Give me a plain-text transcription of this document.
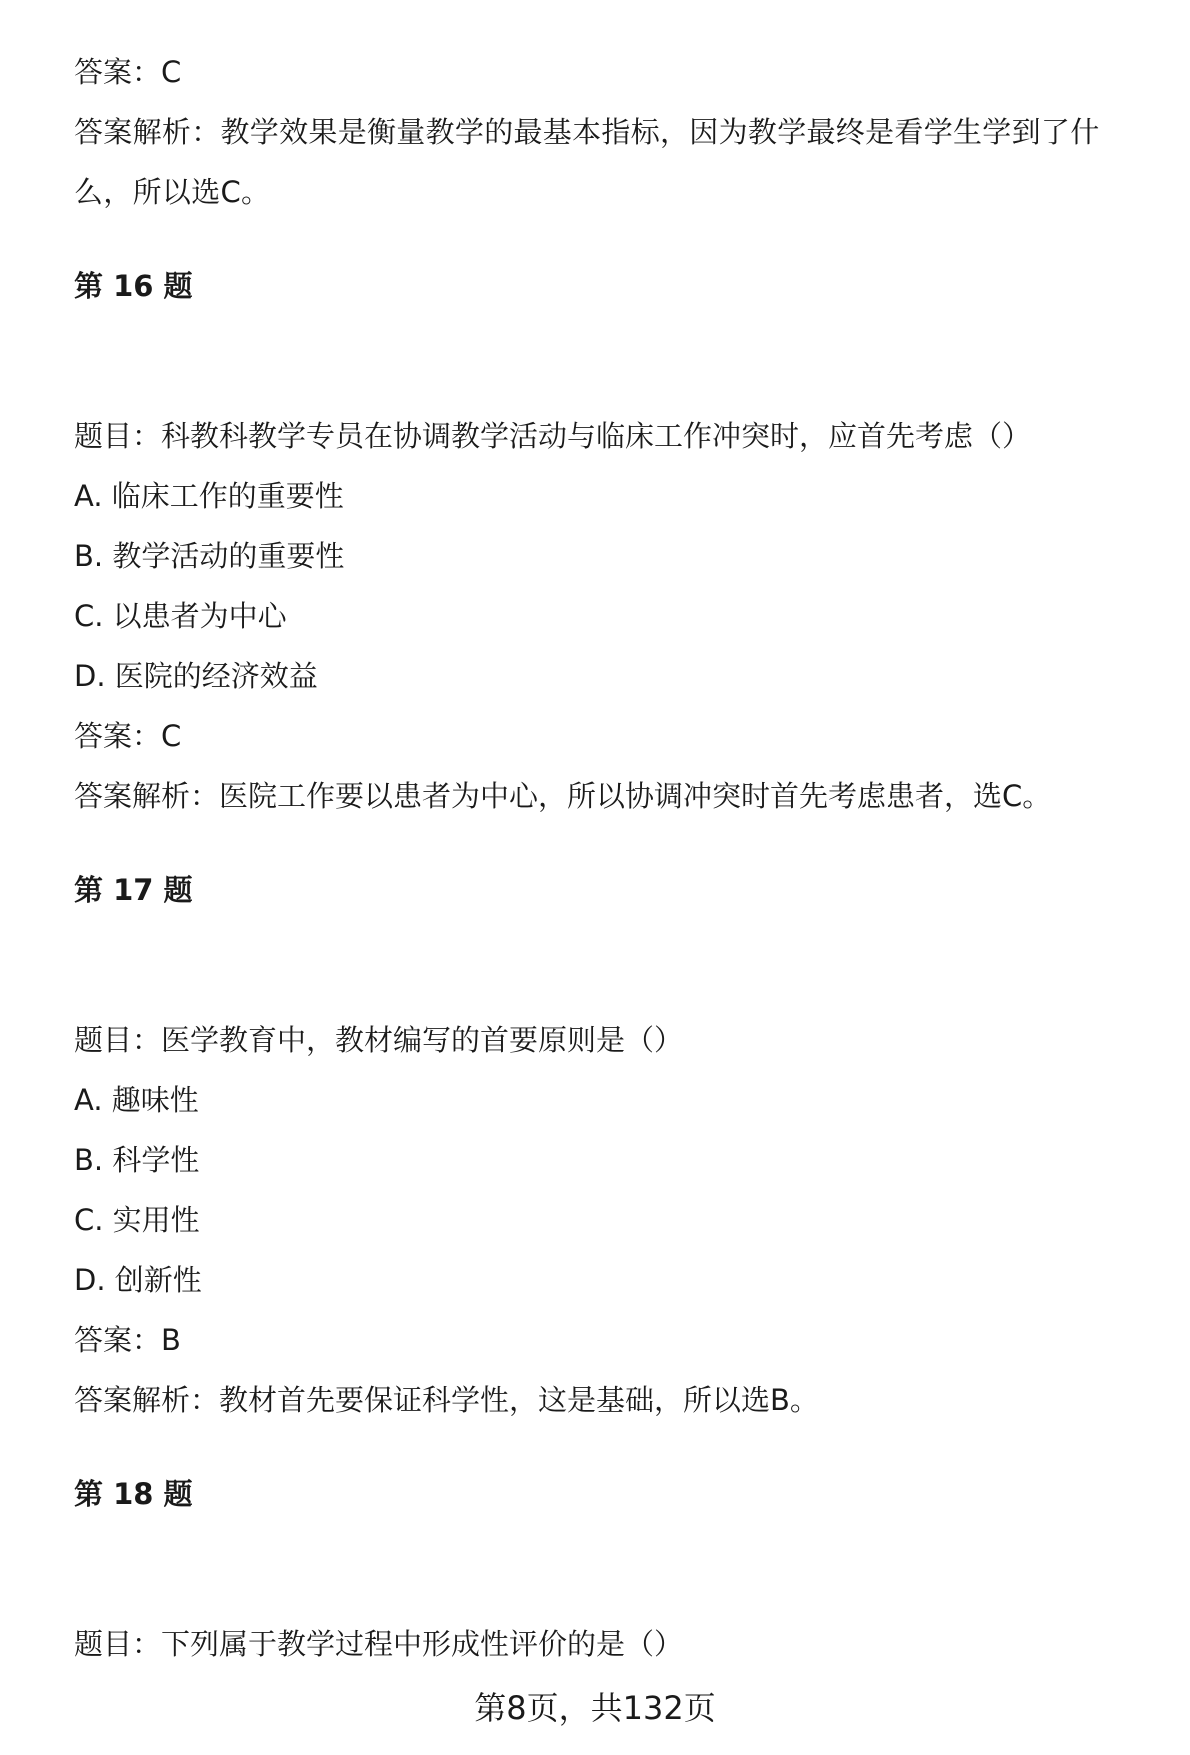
答案：C
答案解析：教学效果是衡量教学的最基本指标，因为教学最终是看学生学到了什么，所以选C。
第 16 题
题目：科教科教学专员在协调教学活动与临床工作冲突时，应首先考虑（）
A. 临床工作的重要性
B. 教学活动的重要性
C. 以患者为中心
D. 医院的经济效益
答案：C
答案解析：医院工作要以患者为中心，所以协调冲突时首先考虑患者，选C。
第 17 题
题目：医学教育中，教材编写的首要原则是（）
A. 趣味性
B. 科学性
C. 实用性
D. 创新性
答案：B
答案解析：教材首先要保证科学性，这是基础，所以选B。
第 18 题
题目：下列属于教学过程中形成性评价的是（）
第8页，共132页
